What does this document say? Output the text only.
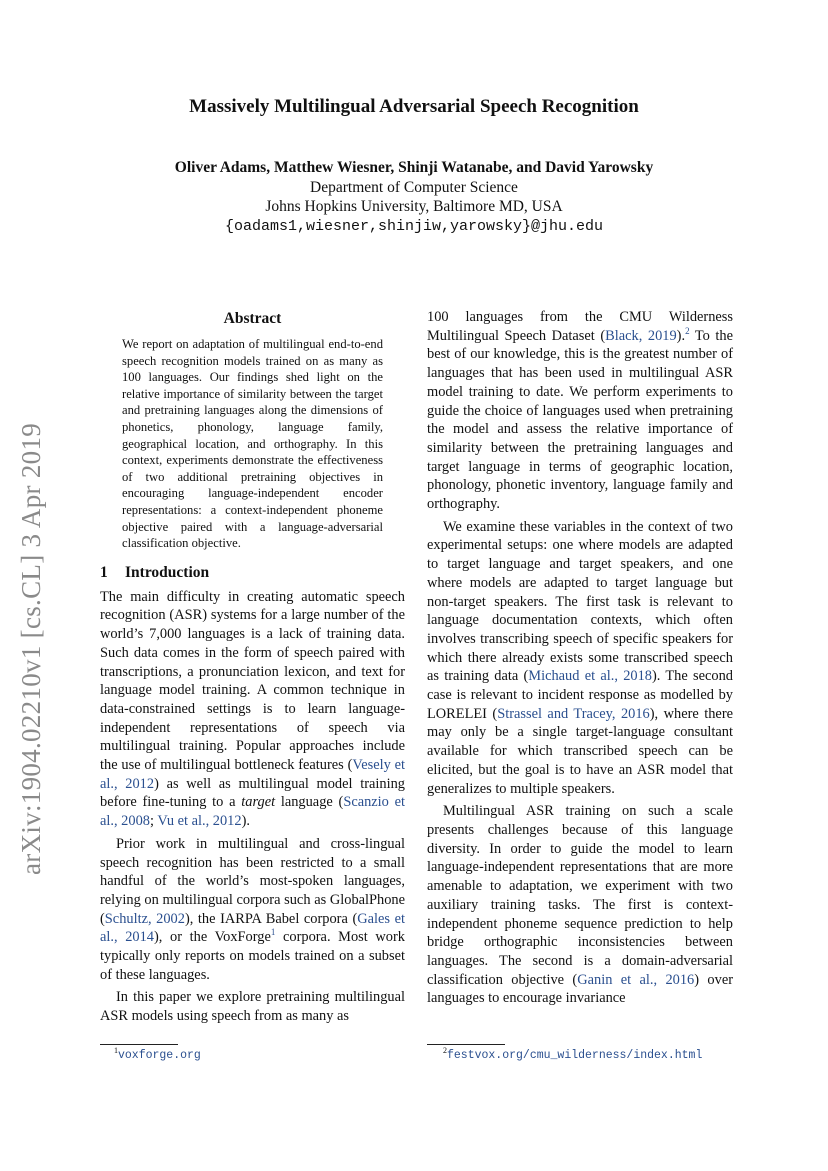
arXiv:1904.02210v1 [cs.CL] 3 Apr 2019
Massively Multilingual Adversarial Speech Recognition
Oliver Adams, Matthew Wiesner, Shinji Watanabe, and David Yarowsky
Department of Computer Science
Johns Hopkins University, Baltimore MD, USA
{oadams1,wiesner,shinjiw,yarowsky}@jhu.edu
Abstract
We report on adaptation of multilingual end-to-end speech recognition models trained on as many as 100 languages. Our findings shed light on the relative importance of similarity between the target and pretraining languages along the dimensions of phonetics, phonology, language family, geographical location, and orthography. In this context, experiments demonstrate the effectiveness of two additional pretraining objectives in encouraging language-independent encoder representations: a context-independent phoneme objective paired with a language-adversarial classification objective.
1 Introduction

The main difficulty in creating automatic speech recognition (ASR) systems for a large number of the world’s 7,000 languages is a lack of training data. Such data comes in the form of speech paired with transcriptions, a pronunciation lexicon, and text for language model training. A common technique in data-constrained settings is to learn language-independent representations of speech via multilingual training. Popular approaches include the use of multilingual bottleneck features (Vesely et al., 2012) as well as multilingual model training before fine-tuning to a target language (Scanzio et al., 2008; Vu et al., 2012).

Prior work in multilingual and cross-lingual speech recognition has been restricted to a small handful of the world’s most-spoken languages, relying on multilingual corpora such as GlobalPhone (Schultz, 2002), the IARPA Babel corpora (Gales et al., 2014), or the VoxForge$^1$ corpora. Most work typically only reports on models trained on a subset of these languages.

In this paper we explore pretraining multilingual ASR models using speech from as many as

100 languages from the CMU Wilderness Multilingual Speech Dataset (Black, 2019).$^2$ To the best of our knowledge, this is the greatest number of languages that has been used in multilingual ASR model training to date. We perform experiments to guide the choice of languages used when pretraining the model and assess the relative importance of similarity between the pretraining languages and target language in terms of geographic location, phonology, phonetic inventory, language family and orthography.

We examine these variables in the context of two experimental setups: one where models are adapted to target language and target speakers, and one where models are adapted to target language but non-target speakers. The first task is relevant to language documentation contexts, which often involves transcribing speech of specific speakers for which there already exists some transcribed speech as training data (Michaud et al., 2018). The second case is relevant to incident response as modelled by LORELEI (Strassel and Tracey, 2016), where there may only be a single target-language consultant available for which transcribed speech can be elicited, but the goal is to have an ASR model that generalizes to multiple speakers.

Multilingual ASR training on such a scale presents challenges because of this language diversity. In order to guide the model to learn language-independent representations that are more amenable to adaptation, we experiment with two auxiliary training tasks. The first is context-independent phoneme sequence prediction to help bridge orthographic inconsistencies between languages. The second is a domain-adversarial classification objective (Ganin et al., 2016) over languages to encourage invariance

$^1$voxforge.org	$^2$festvox.org/cmu_wilderness/index.html
